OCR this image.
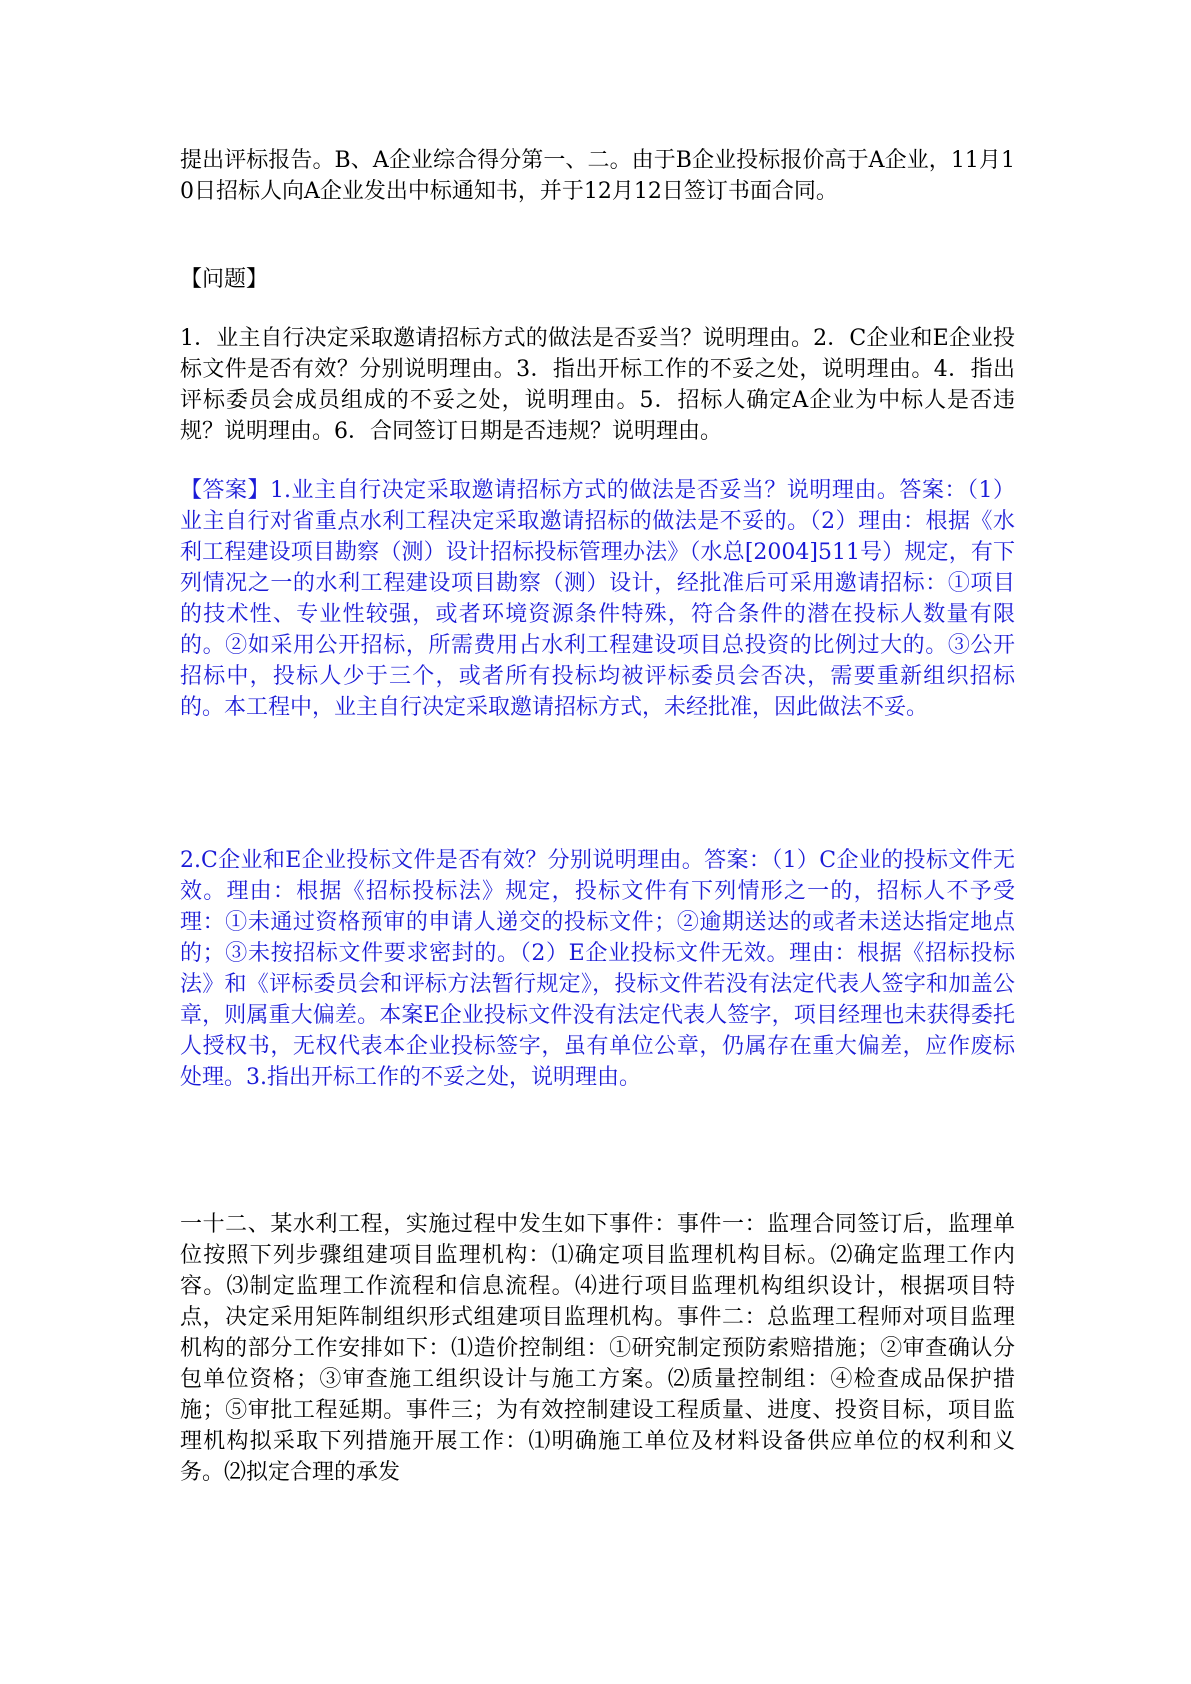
提出评标报告。B、A企业综合得分第一、二。由于B企业投标报价高于A企业，11月10日招标人向A企业发出中标通知书，并于12月12日签订书面合同。

【问题】

1．业主自行决定采取邀请招标方式的做法是否妥当？说明理由。2．C企业和E企业投标文件是否有效？分别说明理由。3．指出开标工作的不妥之处，说明理由。4．指出评标委员会成员组成的不妥之处，说明理由。5．招标人确定A企业为中标人是否违规？说明理由。6．合同签订日期是否违规？说明理由。

【答案】1.业主自行决定采取邀请招标方式的做法是否妥当？说明理由。答案：（1）业主自行对省重点水利工程决定采取邀请招标的做法是不妥的。（2）理由：根据《水利工程建设项目勘察（测）设计招标投标管理办法》（水总[2004]511号）规定，有下列情况之一的水利工程建设项目勘察（测）设计，经批准后可采用邀请招标：①项目的技术性、专业性较强，或者环境资源条件特殊，符合条件的潜在投标人数量有限的。②如采用公开招标，所需费用占水利工程建设项目总投资的比例过大的。③公开招标中，投标人少于三个，或者所有投标均被评标委员会否决，需要重新组织招标的。本工程中，业主自行决定采取邀请招标方式，未经批准，因此做法不妥。

2.C企业和E企业投标文件是否有效？分别说明理由。答案：（1）C企业的投标文件无效。理由：根据《招标投标法》规定，投标文件有下列情形之一的，招标人不予受理：①未通过资格预审的申请人递交的投标文件；②逾期送达的或者未送达指定地点的；③未按招标文件要求密封的。（2）E企业投标文件无效。理由：根据《招标投标法》和《评标委员会和评标方法暂行规定》，投标文件若没有法定代表人签字和加盖公章，则属重大偏差。本案E企业投标文件没有法定代表人签字，项目经理也未获得委托人授权书，无权代表本企业投标签字，虽有单位公章，仍属存在重大偏差，应作废标处理。3.指出开标工作的不妥之处，说明理由。

一十二、某水利工程，实施过程中发生如下事件：事件一：监理合同签订后，监理单位按照下列步骤组建项目监理机构：⑴确定项目监理机构目标。⑵确定监理工作内容。⑶制定监理工作流程和信息流程。⑷进行项目监理机构组织设计，根据项目特点，决定采用矩阵制组织形式组建项目监理机构。事件二：总监理工程师对项目监理机构的部分工作安排如下：⑴造价控制组：①研究制定预防索赔措施；②审查确认分包单位资格；③审查施工组织设计与施工方案。⑵质量控制组：④检查成品保护措施；⑤审批工程延期。事件三；为有效控制建设工程质量、进度、投资目标，项目监理机构拟采取下列措施开展工作：⑴明确施工单位及材料设备供应单位的权利和义务。⑵拟定合理的承发
